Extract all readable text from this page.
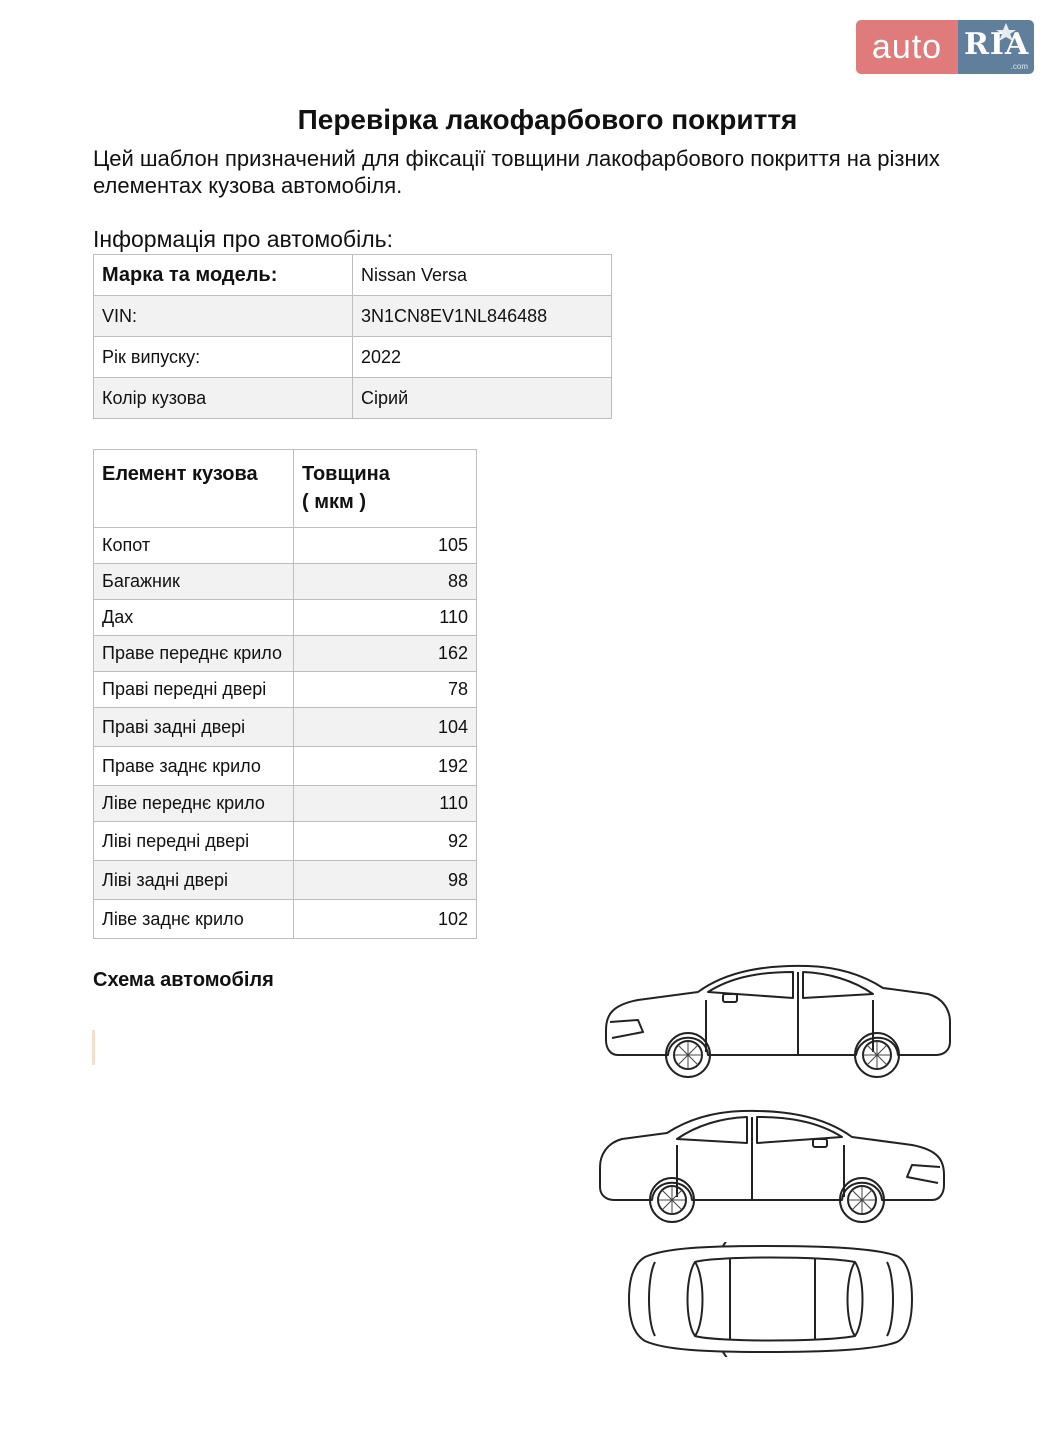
auto RIA
.com
Перевірка лакофарбового покриття

Цей шаблон призначений для фіксації товщини лакофарбового покриття на різних елементах кузова автомобіля.

Інформація про автомобіль:

Марка та модель:	Nissan Versa
VIN:	3N1CN8EV1NL846488
Рік випуску:	2022
Колір кузова	Сірий
Елемент кузова	Товщина
( мкм )
Копот	105
Багажник	88
Дах	110
Праве переднє крило	162
Праві передні двері	78
Праві задні двері	104
Праве заднє крило	192
Ліве переднє крило	110
Ліві передні двері	92
Ліві задні двері	98
Ліве заднє крило	102

Схема автомобіля
